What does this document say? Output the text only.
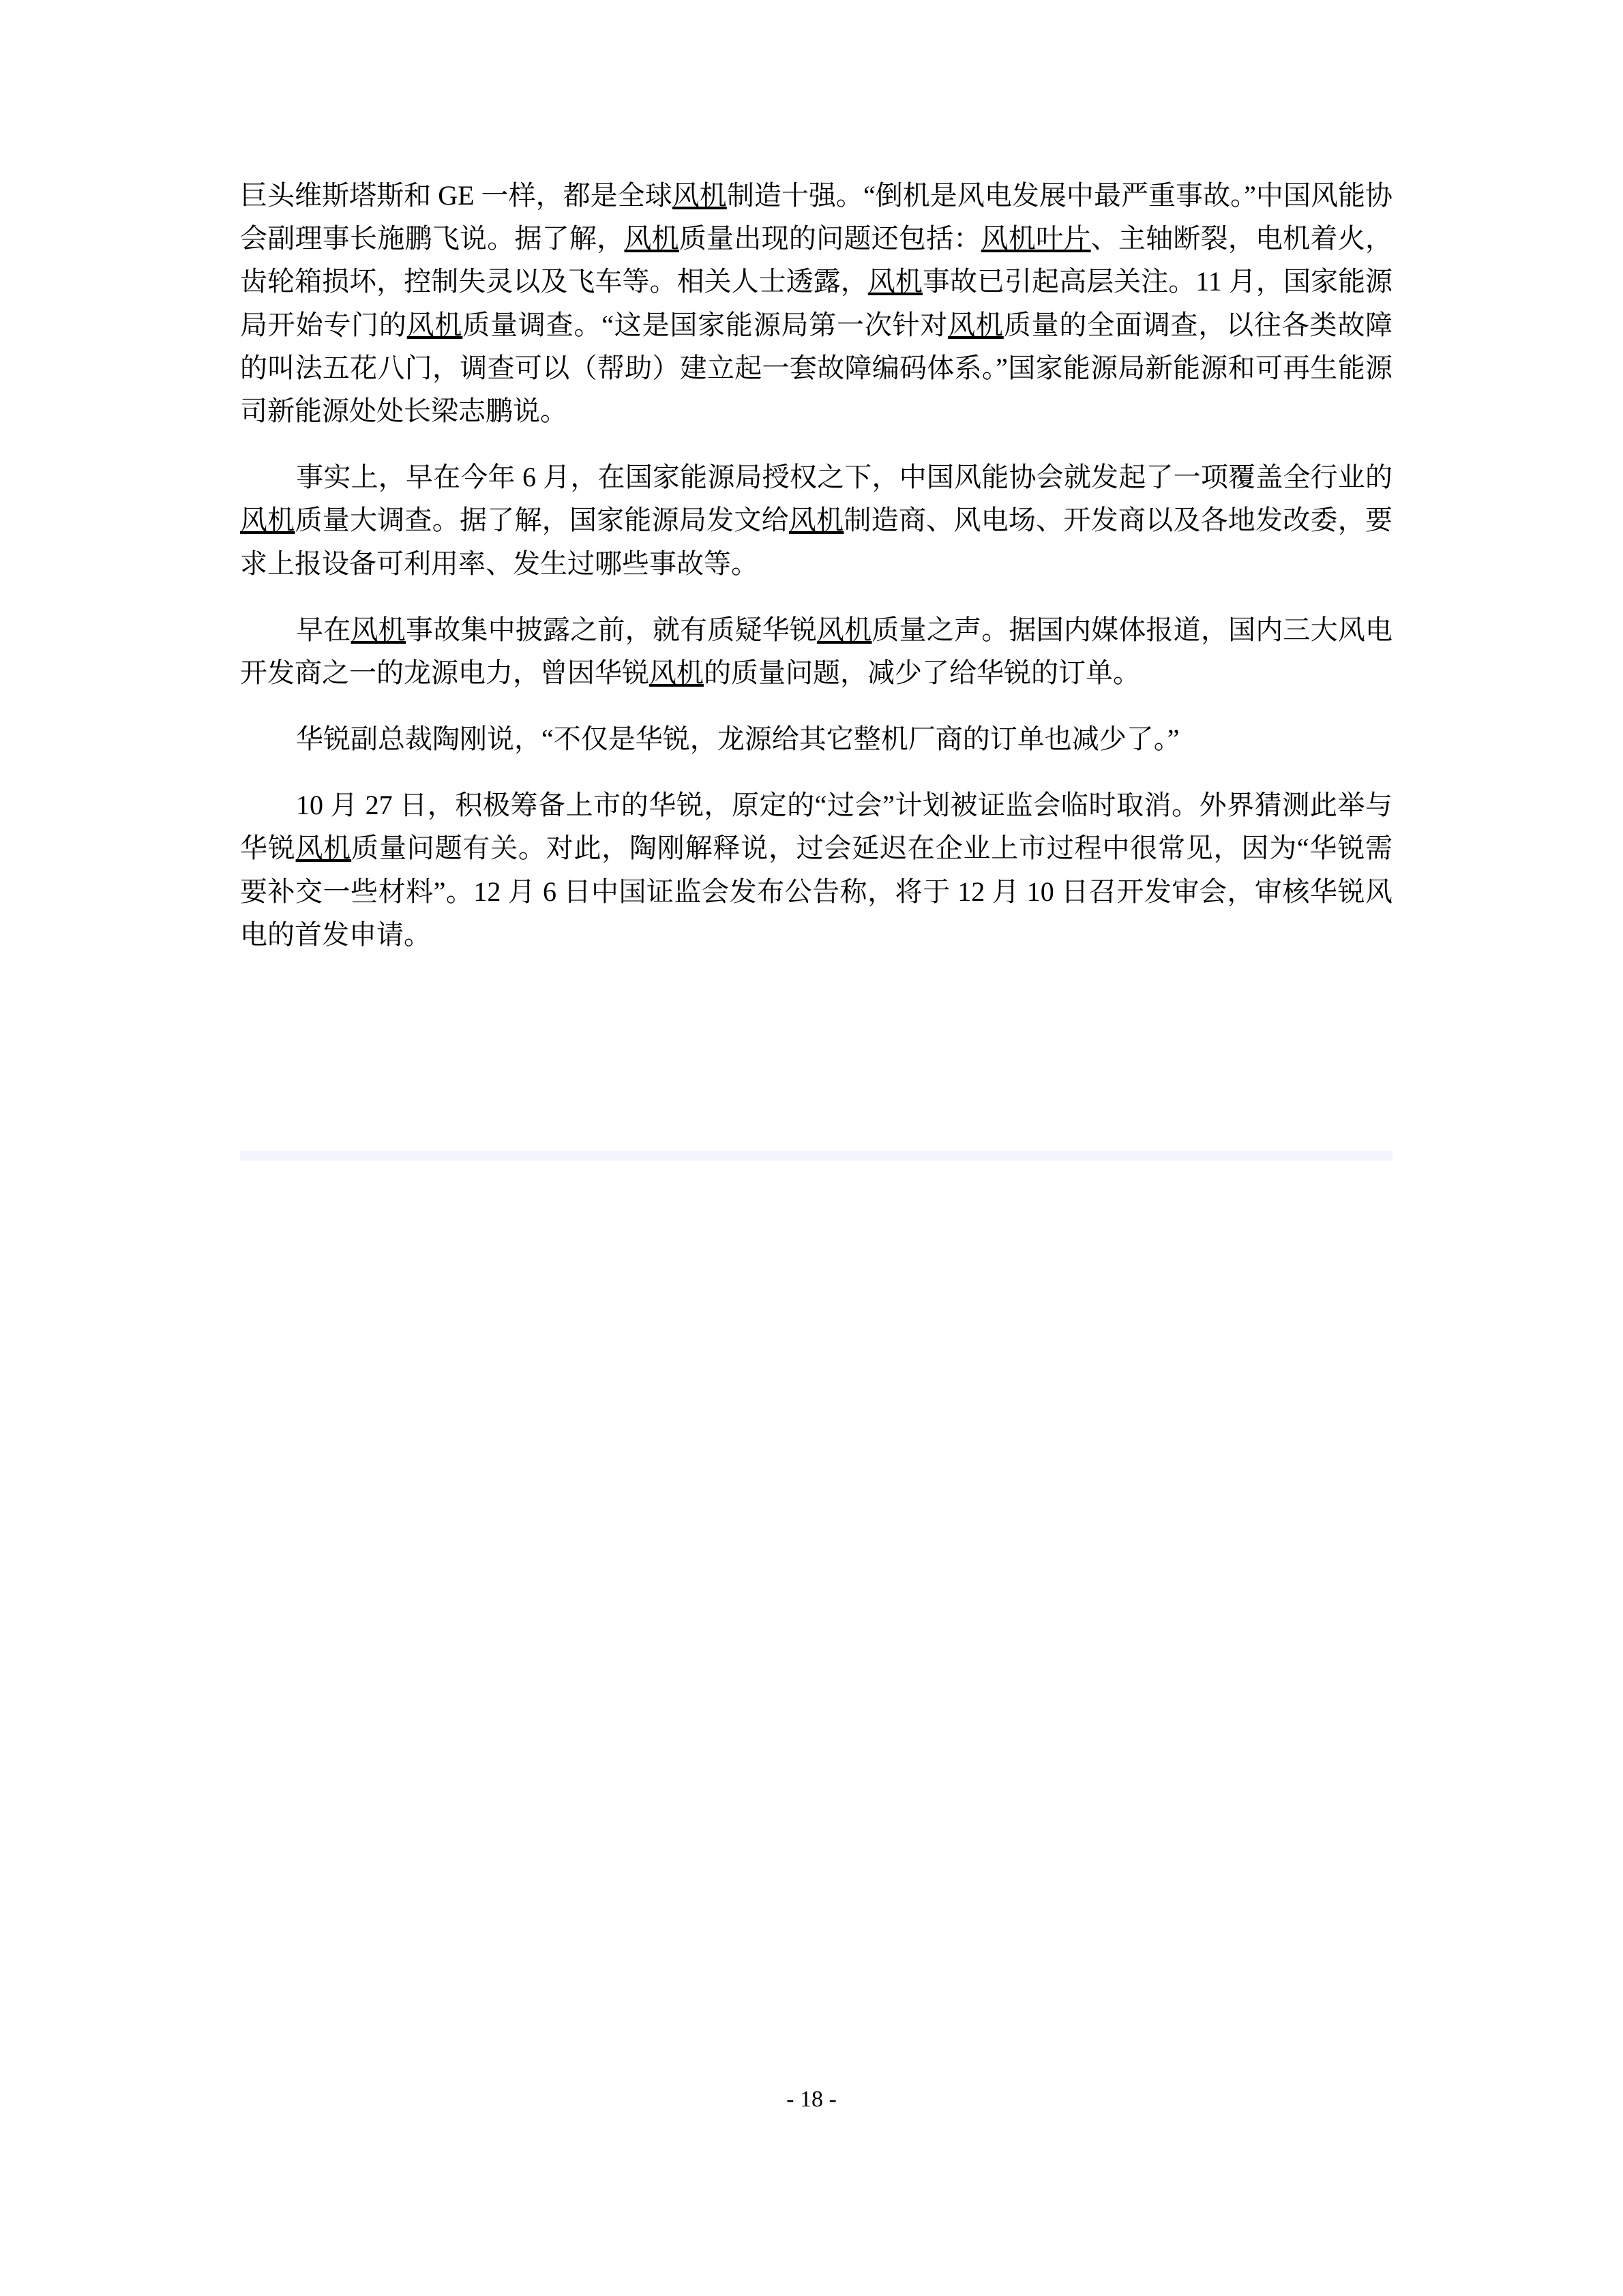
巨头维斯塔斯和 GE 一样，都是全球风机制造十强。“倒机是风电发展中最严重事故。”中国风能协会副理事长施鹏飞说。据了解，风机质量出现的问题还包括：风机叶片、主轴断裂，电机着火，齿轮箱损坏，控制失灵以及飞车等。相关人士透露，风机事故已引起高层关注。11 月，国家能源局开始专门的风机质量调查。“这是国家能源局第一次针对风机质量的全面调查，以往各类故障的叫法五花八门，调查可以（帮助）建立起一套故障编码体系。”国家能源局新能源和可再生能源司新能源处处长梁志鹏说。

事实上，早在今年 6 月，在国家能源局授权之下，中国风能协会就发起了一项覆盖全行业的风机质量大调查。据了解，国家能源局发文给风机制造商、风电场、开发商以及各地发改委，要求上报设备可利用率、发生过哪些事故等。

早在风机事故集中披露之前，就有质疑华锐风机质量之声。据国内媒体报道，国内三大风电开发商之一的龙源电力，曾因华锐风机的质量问题，减少了给华锐的订单。

华锐副总裁陶刚说，“不仅是华锐，龙源给其它整机厂商的订单也减少了。”

10 月 27 日，积极筹备上市的华锐，原定的“过会”计划被证监会临时取消。外界猜测此举与华锐风机质量问题有关。对此，陶刚解释说，过会延迟在企业上市过程中很常见，因为“华锐需要补交一些材料”。12 月 6 日中国证监会发布公告称，将于 12 月 10 日召开发审会，审核华锐风电的首发申请。

- 18 -
